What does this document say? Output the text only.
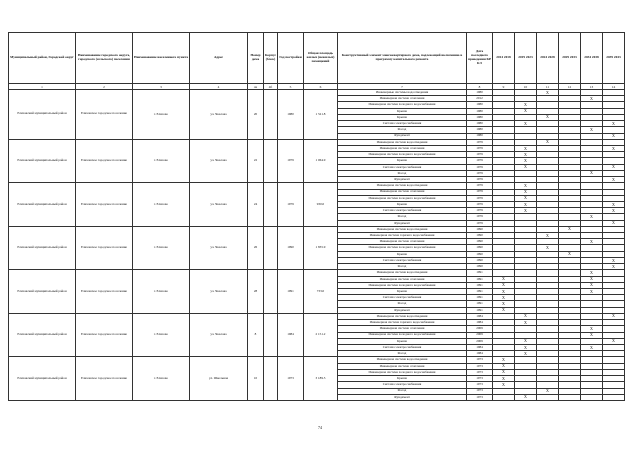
Муниципальный район, Городской округ	Наименование городского округа, городского (сельского) поселения	Наименование населенного пункта	Адрес	Номер дома	Корпус (блок)	Год постройки	Общая площадь жилых (нежилых) помещений	Конструктивный элемент многоквартирного дома, подлежащий включению в программу капитального ремонта	Дата последнего проведения КР КЭ	2014 2018	2019 2023	2024 2028	2029 2033	2034 2038	2039 2043
1	2	3	4	4а	4б	5	6	7	8	9	10	11	12	13	14
Елизовский муниципальный район	Елизовское городское поселение	г. Елизово	ул. Чкалова	20		1980	1 521.8	Инженерные системы водоотведения	1980			X			
								Инженерная система отопления	2012					X	
								Инженерная система холодного водоснабжения	1980		X				
								Крыша	1980		X				
								Крыша	1980			X			
								Система электроснабжения	1980		X				X
								Фасад	1980					X	
								Фундамент	1980						X
Елизовский муниципальный район	Елизовское городское поселение	г. Елизово	ул. Чкалова	22		1979	1 064.9	Инженерная система водоотведения	1979			X			
								Инженерная система отопления	1979		X				X
								Инженерная система холодного водоснабжения	1979		X				
								Крыша	1979		X				
								Система электроснабжения	1979		X				X
								Фасад	1979					X	
								Фундамент	1979						X
Елизовский муниципальный район	Елизовское городское поселение	г. Елизово	ул. Чкалова	24		1979	930.0	Инженерная система водоотведения	1979		X				
								Инженерная система отопления	1979		X				
								Инженерная система холодного водоснабжения	1979		X				
								Крыша	1979		X				X
								Система электроснабжения	1979		X				X
								Фасад	1979					X	
								Фундамент	1979						X
Елизовский муниципальный район	Елизовское городское поселение	г. Елизово	ул. Чкалова	26		1990	1 835.9	Инженерная система водоотведения	1990				X		
								Инженерная система горячего водоснабжения	1990			X			
								Инженерная система отопления	1990					X	
								Инженерная система холодного водоснабжения	1990			X			
								Крыша	1990				X		
								Система электроснабжения	1990						X
								Фасад	1990						X
Елизовский муниципальный район	Елизовское городское поселение	г. Елизово	ул. Чкалова	28		1991	733.0	Инженерная система водоотведения	1991					X	
								Инженерная система отопления	1991	X				X	
								Инженерная система холодного водоснабжения	1991	X				X	
								Крыша	1991	X				X	
								Система электроснабжения	1991	X					
								Фасад	1991	X					
								Фундамент	1991	X					
Елизовский муниципальный район	Елизовское городское поселение	г. Елизово	ул. Чкалова	8		1984	2 151.2	Инженерная система водоотведения	1984		X				X
								Инженерная система горячего водоснабжения	1984		X				
								Инженерная система отопления	2009					X	
								Инженерная система холодного водоснабжения	2009					X	
								Крыша	2009		X				X
								Система электроснабжения	1984		X			X	
								Фасад	1984		X				
Елизовский муниципальный район	Елизовское городское поселение	г. Елизово	ул. Школьная	10		1973	3 189.5	Инженерная система водоотведения	1973	X					
								Инженерная система отопления	1973	X					
								Инженерная система холодного водоснабжения	1973	X					
								Крыша	1973	X					
								Система электроснабжения	1973	X					
								Фасад	1973			X			
								Фундамент	1973		X				
74
